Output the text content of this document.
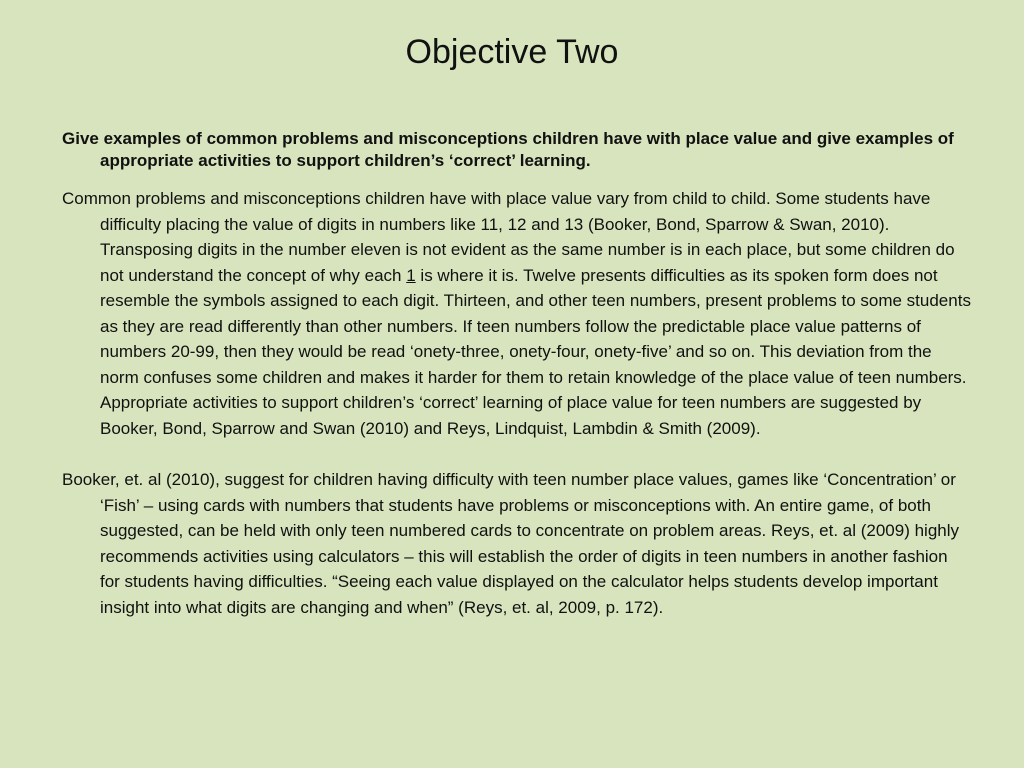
Objective Two

Give examples of common problems and misconceptions children have with place value and give examples of appropriate activities to support children’s ‘correct’ learning.

Common problems and misconceptions children have with place value vary from child to child. Some students have difficulty placing the value of digits in numbers like 11, 12 and 13 (Booker, Bond, Sparrow & Swan, 2010). Transposing digits in the number eleven is not evident as the same number is in each place, but some children do not understand the concept of why each 1 is where it is. Twelve presents difficulties as its spoken form does not resemble the symbols assigned to each digit. Thirteen, and other teen numbers, present problems to some students as they are read differently than other numbers. If teen numbers follow the predictable place value patterns of numbers 20-99, then they would be read ‘onety-three, onety-four, onety-five’ and so on. This deviation from the norm confuses some children and makes it harder for them to retain knowledge of the place value of teen numbers. Appropriate activities to support children’s ‘correct’ learning of place value for teen numbers are suggested by Booker, Bond, Sparrow and Swan (2010) and Reys, Lindquist, Lambdin & Smith (2009).

Booker, et. al (2010), suggest for children having difficulty with teen number place values, games like ‘Concentration’ or ‘Fish’ – using cards with numbers that students have problems or misconceptions with. An entire game, of both suggested, can be held with only teen numbered cards to concentrate on problem areas. Reys, et. al (2009) highly recommends activities using calculators – this will establish the order of digits in teen numbers in another fashion for students having difficulties. “Seeing each value displayed on the calculator helps students develop important insight into what digits are changing and when” (Reys, et. al, 2009, p. 172).
